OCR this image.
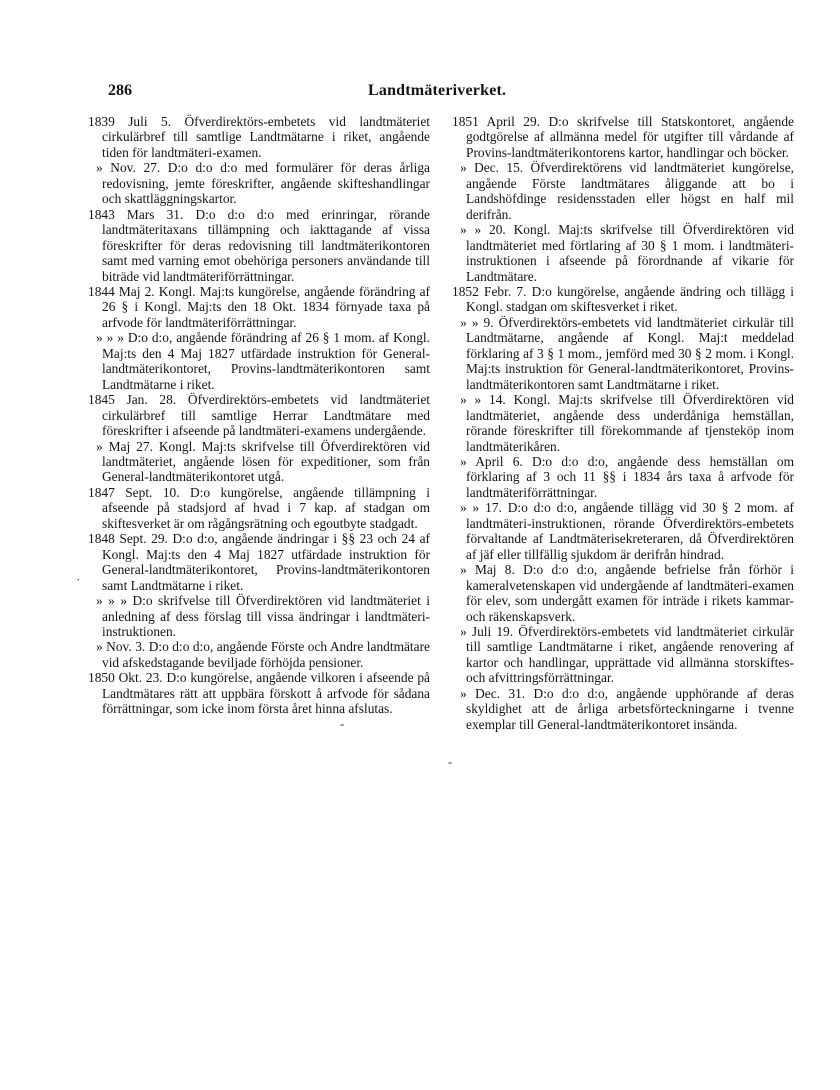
286	Landtmäteriverket.

1839 Juli 5. Öfverdirektörs-embetets vid landtmäteriet cirkulärbref till samtlige Landtmätarne i riket, angående tiden för landtmäteri-examen.

» Nov. 27. D:o d:o d:o med formulärer för deras årliga redovisning, jemte föreskrifter, angående skifteshandlingar och skattläggningskartor.

1843 Mars 31. D:o d:o d:o med erinringar, rörande landtmäteritaxans tillämpning och iakttagande af vissa föreskrifter för deras redovisning till landtmäterikontoren samt med varning emot obehöriga personers användande till biträde vid landtmäteriförrättningar.

1844 Maj 2. Kongl. Maj:ts kungörelse, angående förändring af 26 § i Kongl. Maj:ts den 18 Okt. 1834 förnyade taxa på arfvode för landtmäteriförrättningar.

» » » D:o d:o, angående förändring af 26 § 1 mom. af Kongl. Maj:ts den 4 Maj 1827 utfärdade instruktion för General-landtmäterikontoret, Provins-landtmäterikontoren samt Landtmätarne i riket.

1845 Jan. 28. Öfverdirektörs-embetets vid landtmäteriet cirkulärbref till samtlige Herrar Landtmätare med föreskrifter i afseende på landtmäteri-examens undergående.

» Maj 27. Kongl. Maj:ts skrifvelse till Öfverdirektören vid landtmäteriet, angående lösen för expeditioner, som från General-landtmäterikontoret utgå.

1847 Sept. 10. D:o kungörelse, angående tillämpning i afseende på stadsjord af hvad i 7 kap. af stadgan om skiftesverket är om rågångsrätning och egoutbyte stadgadt.

1848 Sept. 29. D:o d:o, angående ändringar i §§ 23 och 24 af Kongl. Maj:ts den 4 Maj 1827 utfärdade instruktion för General-landtmäterikontoret, Provins-landtmäterikontoren samt Landtmätarne i riket.

» » » D:o skrifvelse till Öfverdirektören vid landtmäteriet i anledning af dess förslag till vissa ändringar i landtmäteri-instruktionen.

» Nov. 3. D:o d:o d:o, angående Förste och Andre landtmätare vid afskedstagande beviljade förhöjda pensioner.

1850 Okt. 23. D:o kungörelse, angående vilkoren i afseende på Landtmätares rätt att uppbära förskott å arfvode för sådana förrättningar, som icke inom första året hinna afslutas.

1851 April 29. D:o skrifvelse till Statskontoret, angående godtgörelse af allmänna medel för utgifter till vårdande af Provins-landtmäterikontorens kartor, handlingar och böcker.

» Dec. 15. Öfverdirektörens vid landtmäteriet kungörelse, angående Förste landtmätares åliggande att bo i Landshöfdinge residensstaden eller högst en half mil derifrån.

» » 20. Kongl. Maj:ts skrifvelse till Öfverdirektören vid landtmäteriet med förtlaring af 30 § 1 mom. i landtmäteri-instruktionen i afseende på förordnande af vikarie för Landtmätare.

1852 Febr. 7. D:o kungörelse, angående ändring och tillägg i Kongl. stadgan om skiftesverket i riket.

» » 9. Öfverdirektörs-embetets vid landtmäteriet cirkulär till Landtmätarne, angående af Kongl. Maj:t meddelad förklaring af 3 § 1 mom., jemförd med 30 § 2 mom. i Kongl. Maj:ts instruktion för General-landtmäterikontoret, Provins-landtmäterikontoren samt Landtmätarne i riket.

» » 14. Kongl. Maj:ts skrifvelse till Öfverdirektören vid landtmäteriet, angående dess underdåniga hemställan, rörande föreskrifter till förekommande af tjensteköp inom landtmäterikåren.

» April 6. D:o d:o d:o, angående dess hemställan om förklaring af 3 och 11 §§ i 1834 års taxa å arfvode för landtmäteriförrättningar.

» » 17. D:o d:o d:o, angående tillägg vid 30 § 2 mom. af landtmäteri-instruktionen, rörande Öfverdirektörs-embetets förvaltande af Landtmäterisekreteraren, då Öfverdirektören af jäf eller tillfällig sjukdom är derifrån hindrad.

» Maj 8. D:o d:o d:o, angående befrielse från förhör i kameralvetenskapen vid undergående af landtmäteri-examen för elev, som undergått examen för inträde i rikets kammar- och räkenskapsverk.

» Juli 19. Öfverdirektörs-embetets vid landtmäteriet cirkulär till samtlige Landtmätarne i riket, angående renovering af kartor och handlingar, upprättade vid allmänna storskiftes- och afvittringsförrättningar.

» Dec. 31. D:o d:o d:o, angående upphörande af deras skyldighet att de årliga arbetsförteckningarne i tvenne exemplar till General-landtmäterikontoret insända.

·
-
-
